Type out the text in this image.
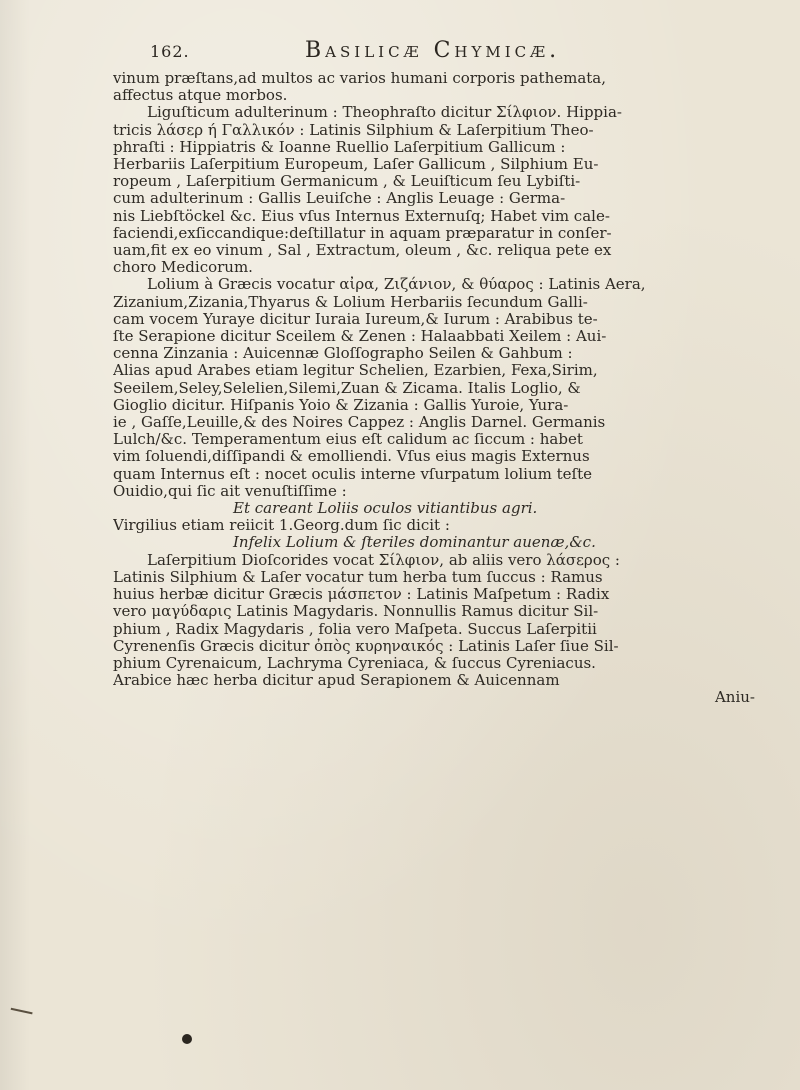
162.	Basilicæ Chymicæ.
vinum præſtans,ad multos ac varios humani corporis pathemata,
affectus atque morbos.
Liguſticum adulterinum : Theophraſto dicitur Σίλφιον. Hippia-
tricis λάσερ ή Γαλλικόν : Latinis Silphium & Laſerpitium Theo-
phraſti : Hippiatris & Ioanne Ruellio Laſerpitium Gallicum :
Herbariis Laſerpitium Europeum, Laſer Gallicum , Silphium Eu-
ropeum , Laſerpitium Germanicum , & Leuiſticum ſeu Lybiſti-
cum adulterinum : Gallis Leuiſche : Anglis Leuage : Germa-
nis Liebſtöckel &c. Eius vſus Internus Externuſq; Habet vim cale-
faciendi,exſiccandique:deſtillatur in aquam præparatur in conſer-
uam,fit ex eo vinum , Sal , Extractum, oleum , &c. reliqua pete ex
choro Medicorum.
Lolium à Græcis vocatur αἶρα, Ζιζάνιον, & θύαρος : Latinis Aera,
Zizanium,Zizania,Thyarus & Lolium Herbariis ſecundum Galli-
cam vocem Yuraye dicitur Iuraia Iureum,& Iurum : Arabibus te-
ſte Serapione dicitur Sceilem & Zenen : Halaabbati Xeilem : Aui-
cenna Zinzania : Auicennæ Gloſſographo Seilen & Gahbum :
Alias apud Arabes etiam legitur Schelien, Ezarbien, Fexa,Sirim,
Seeilem,Seley,Selelien,Silemi,Zuan & Zicama. Italis Loglio, &
Gioglio dicitur. Hiſpanis Yoio & Zizania : Gallis Yuroie, Yura-
ie , Gaſſe,Leuille,& des Noires Cappez : Anglis Darnel. Germanis
Lulch/&c. Temperamentum eius eſt calidum ac ſiccum : habet
vim ſoluendi,diſſipandi & emolliendi. Vſus eius magis Externus
quam Internus eſt : nocet oculis interne vſurpatum lolium teſte
Ouidio,qui ſic ait venuſtiſſime :
Et careant Loliis oculos vitiantibus agri.
Virgilius etiam reiicit 1.Georg.dum ſic dicit :
Infelix Lolium & ſteriles dominantur auenæ,&c.
Laſerpitium Dioſcorides vocat Σίλφιον, ab aliis vero λάσερος :
Latinis Silphium & Laſer vocatur tum herba tum ſuccus : Ramus
huius herbæ dicitur Græcis μάσπετον : Latinis Maſpetum : Radix
vero μαγύδαρις Latinis Magydaris. Nonnullis Ramus dicitur Sil-
phium , Radix Magydaris , folia vero Maſpeta. Succus Laſerpitii
Cyrenenſis Græcis dicitur ὀπὸς κυρηναικός : Latinis Laſer ſiue Sil-
phium Cyrenaicum, Lachryma Cyreniaca, & ſuccus Cyreniacus.
Arabice hæc herba dicitur apud Serapionem & Auicennam
Aniu-
